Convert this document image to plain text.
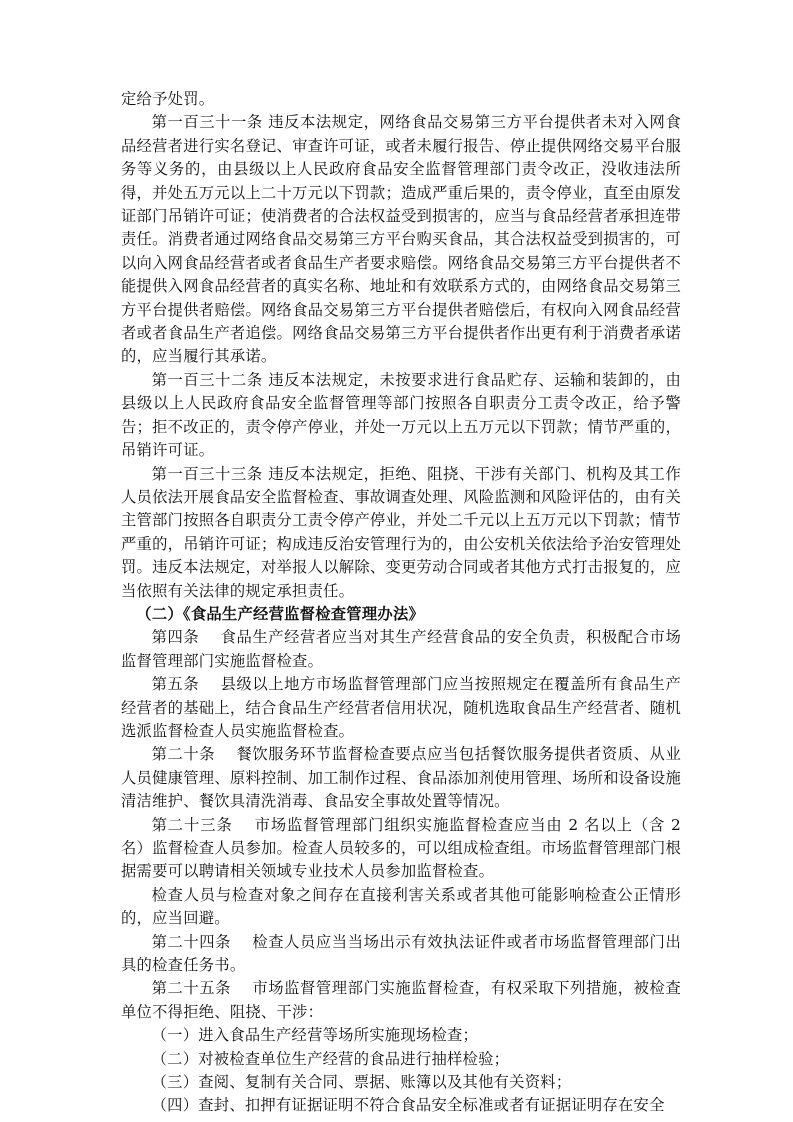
定给予处罚。

第一百三十一条 违反本法规定，网络食品交易第三方平台提供者未对入网食品经营者进行实名登记、审查许可证，或者未履行报告、停止提供网络交易平台服务等义务的，由县级以上人民政府食品安全监督管理部门责令改正，没收违法所得，并处五万元以上二十万元以下罚款；造成严重后果的，责令停业，直至由原发证部门吊销许可证；使消费者的合法权益受到损害的，应当与食品经营者承担连带责任。消费者通过网络食品交易第三方平台购买食品，其合法权益受到损害的，可以向入网食品经营者或者食品生产者要求赔偿。网络食品交易第三方平台提供者不能提供入网食品经营者的真实名称、地址和有效联系方式的，由网络食品交易第三方平台提供者赔偿。网络食品交易第三方平台提供者赔偿后，有权向入网食品经营者或者食品生产者追偿。网络食品交易第三方平台提供者作出更有利于消费者承诺的，应当履行其承诺。

第一百三十二条 违反本法规定，未按要求进行食品贮存、运输和装卸的，由县级以上人民政府食品安全监督管理等部门按照各自职责分工责令改正，给予警告；拒不改正的，责令停产停业，并处一万元以上五万元以下罚款；情节严重的，吊销许可证。

第一百三十三条 违反本法规定，拒绝、阻挠、干涉有关部门、机构及其工作人员依法开展食品安全监督检查、事故调查处理、风险监测和风险评估的，由有关主管部门按照各自职责分工责令停产停业，并处二千元以上五万元以下罚款；情节严重的，吊销许可证；构成违反治安管理行为的，由公安机关依法给予治安管理处罚。违反本法规定，对举报人以解除、变更劳动合同或者其他方式打击报复的，应当依照有关法律的规定承担责任。

（二）《食品生产经营监督检查管理办法》

第四条　 食品生产经营者应当对其生产经营食品的安全负责，积极配合市场监督管理部门实施监督检查。

第五条　 县级以上地方市场监督管理部门应当按照规定在覆盖所有食品生产经营者的基础上，结合食品生产经营者信用状况，随机选取食品生产经营者、随机选派监督检查人员实施监督检查。

第二十条　 餐饮服务环节监督检查要点应当包括餐饮服务提供者资质、从业人员健康管理、原料控制、加工制作过程、食品添加剂使用管理、场所和设备设施清洁维护、餐饮具清洗消毒、食品安全事故处置等情况。

第二十三条　 市场监督管理部门组织实施监督检查应当由 2 名以上（含 2 名）监督检查人员参加。检查人员较多的，可以组成检查组。市场监督管理部门根据需要可以聘请相关领域专业技术人员参加监督检查。

检查人员与检查对象之间存在直接利害关系或者其他可能影响检查公正情形的，应当回避。

第二十四条　 检查人员应当当场出示有效执法证件或者市场监督管理部门出具的检查任务书。

第二十五条　 市场监督管理部门实施监督检查，有权采取下列措施，被检查单位不得拒绝、阻挠、干涉：

（一）进入食品生产经营等场所实施现场检查；

（二）对被检查单位生产经营的食品进行抽样检验；

（三）查阅、复制有关合同、票据、账簿以及其他有关资料；

（四）查封、扣押有证据证明不符合食品安全标准或者有证据证明存在安全
